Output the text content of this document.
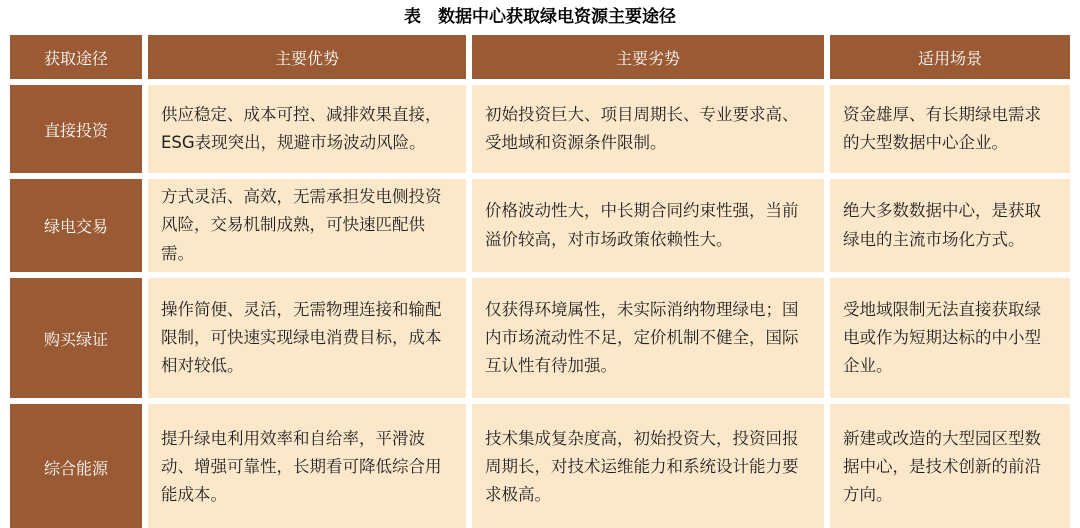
表　数据中心获取绿电资源主要途径
获取途径	主要优势	主要劣势	适用场景
直接投资	供应稳定、成本可控、减排效果直接，ESG表现突出，规避市场波动风险。	初始投资巨大、项目周期长、专业要求高、受地域和资源条件限制。	资金雄厚、有长期绿电需求的大型数据中心企业。
绿电交易	方式灵活、高效，无需承担发电侧投资风险，交易机制成熟，可快速匹配供需。	价格波动性大，中长期合同约束性强，当前溢价较高，对市场政策依赖性大。	绝大多数数据中心，是获取绿电的主流市场化方式。
购买绿证	操作简便、灵活，无需物理连接和输配限制，可快速实现绿电消费目标，成本相对较低。	仅获得环境属性，未实际消纳物理绿电；国内市场流动性不足，定价机制不健全，国际互认性有待加强。	受地域限制无法直接获取绿电或作为短期达标的中小型企业。
综合能源	提升绿电利用效率和自给率，平滑波动、增强可靠性，长期看可降低综合用能成本。	技术集成复杂度高，初始投资大，投资回报周期长，对技术运维能力和系统设计能力要求极高。	新建或改造的大型园区型数据中心，是技术创新的前沿方向。
